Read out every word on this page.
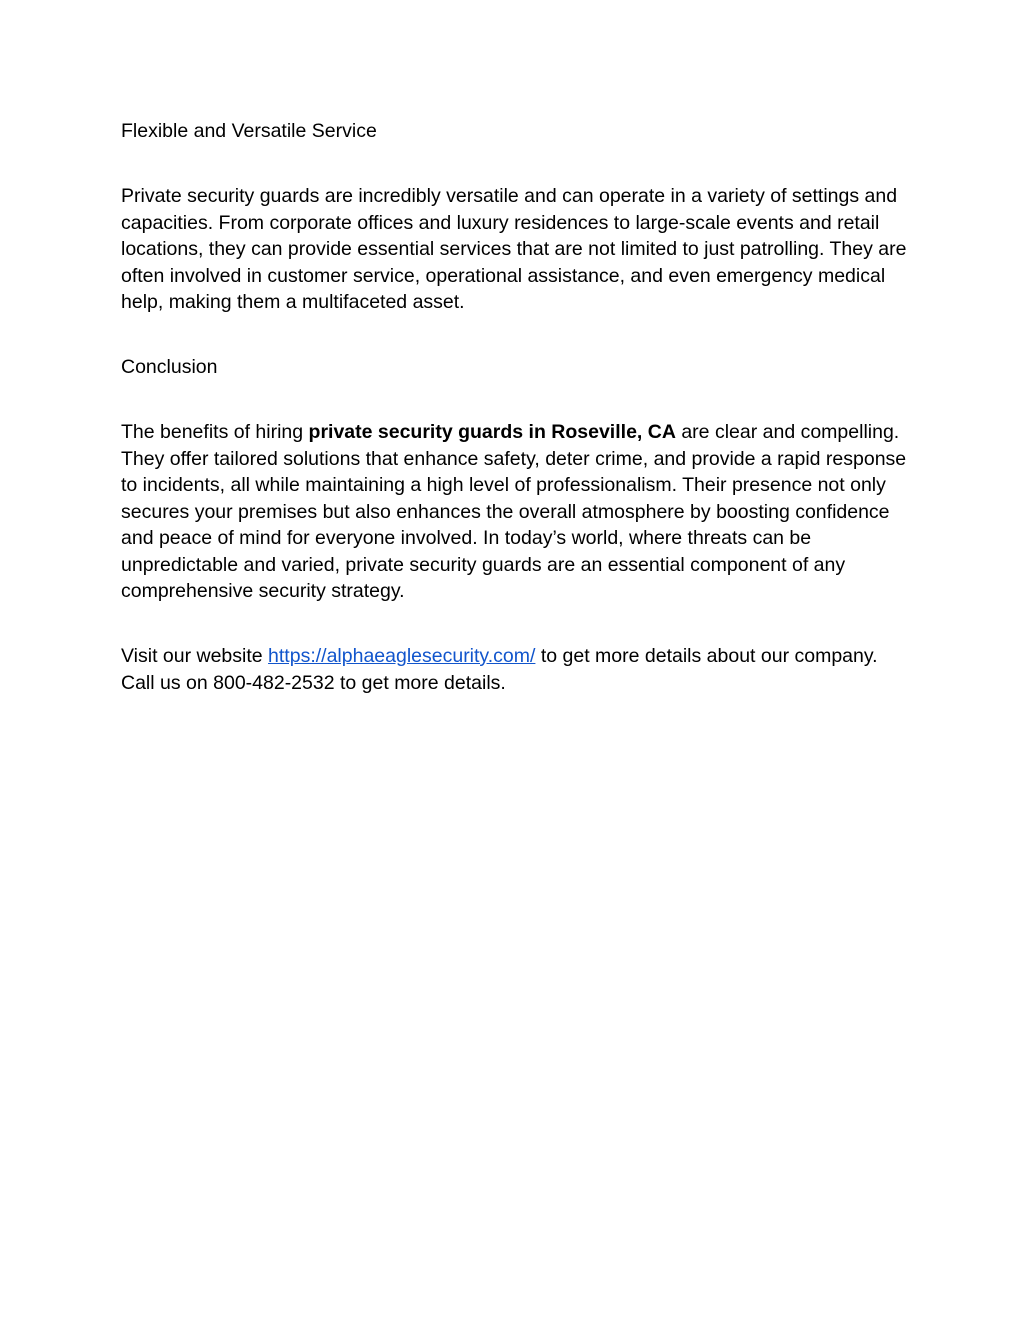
Flexible and Versatile Service

Private security guards are incredibly versatile and can operate in a variety of settings and capacities. From corporate offices and luxury residences to large-scale events and retail locations, they can provide essential services that are not limited to just patrolling. They are often involved in customer service, operational assistance, and even emergency medical help, making them a multifaceted asset.

Conclusion

The benefits of hiring private security guards in Roseville, CA are clear and compelling. They offer tailored solutions that enhance safety, deter crime, and provide a rapid response to incidents, all while maintaining a high level of professionalism. Their presence not only secures your premises but also enhances the overall atmosphere by boosting confidence and peace of mind for everyone involved. In today’s world, where threats can be unpredictable and varied, private security guards are an essential component of any comprehensive security strategy.

Visit our website https://alphaeaglesecurity.com/ to get more details about our company. Call us on 800-482-2532 to get more details.
